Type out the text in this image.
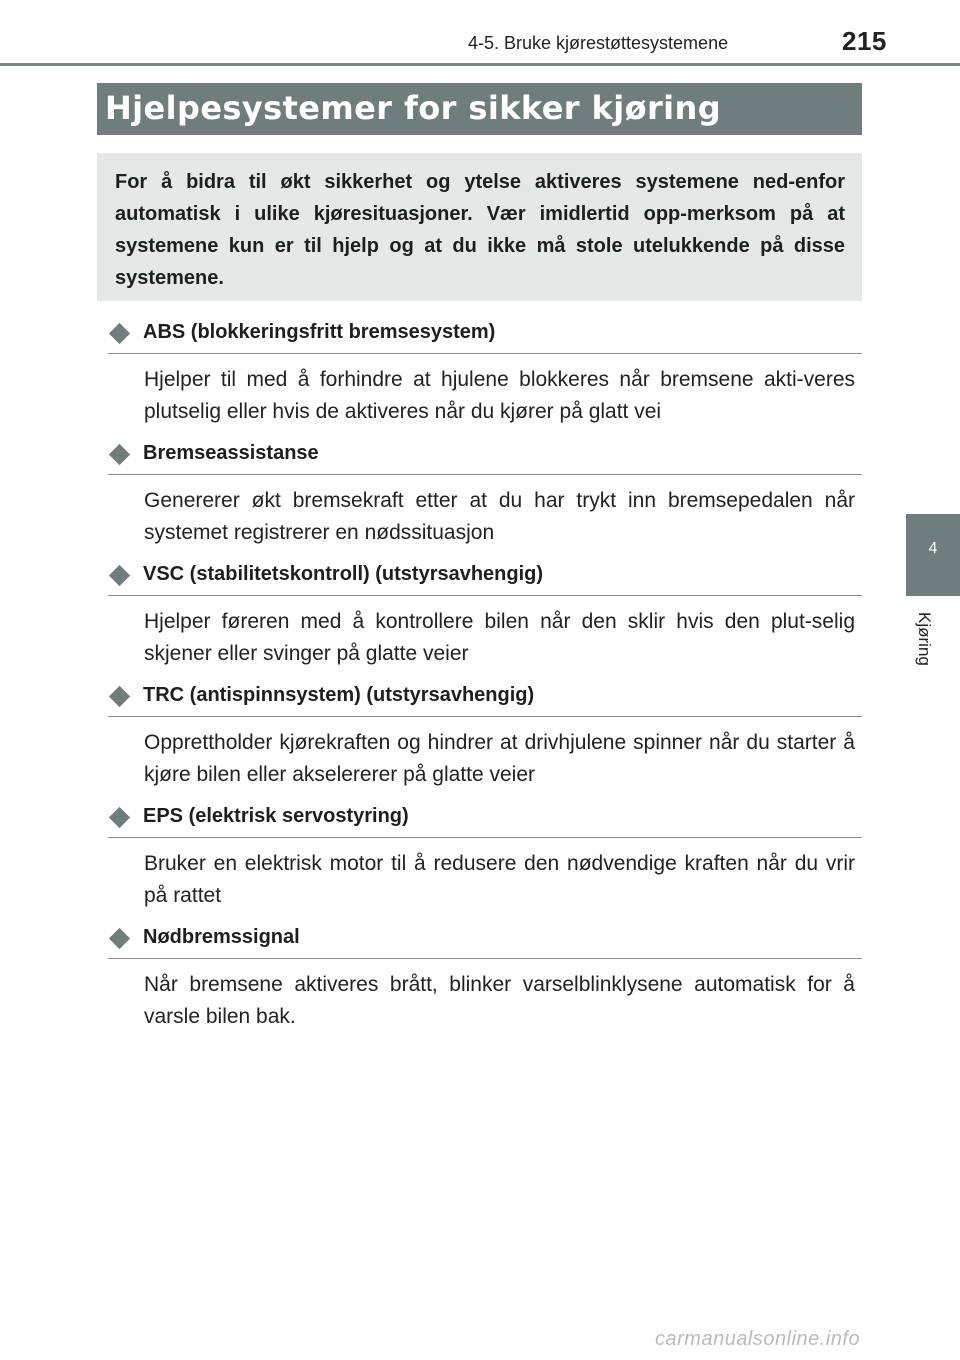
4-5. Bruke kjørestøttesystemene	215
Hjelpesystemer for sikker kjøring
For å bidra til økt sikkerhet og ytelse aktiveres systemene ned-enfor automatisk i ulike kjøresituasjoner. Vær imidlertid opp-merksom på at systemene kun er til hjelp og at du ikke må stole utelukkende på disse systemene.
4
Kjøring
ABS (blokkeringsfritt bremsesystem)
Hjelper til med å forhindre at hjulene blokkeres når bremsene akti-veres plutselig eller hvis de aktiveres når du kjører på glatt vei
Bremseassistanse
Genererer økt bremsekraft etter at du har trykt inn bremsepedalen når systemet registrerer en nødssituasjon
VSC (stabilitetskontroll) (utstyrsavhengig)
Hjelper føreren med å kontrollere bilen når den sklir hvis den plut-selig skjener eller svinger på glatte veier
TRC (antispinnsystem) (utstyrsavhengig)
Opprettholder kjørekraften og hindrer at drivhjulene spinner når du starter å kjøre bilen eller akselererer på glatte veier
EPS (elektrisk servostyring)
Bruker en elektrisk motor til å redusere den nødvendige kraften når du vrir på rattet
Nødbremssignal
Når bremsene aktiveres brått, blinker varselblinklysene automatisk for å varsle bilen bak.
carmanualsonline.info
